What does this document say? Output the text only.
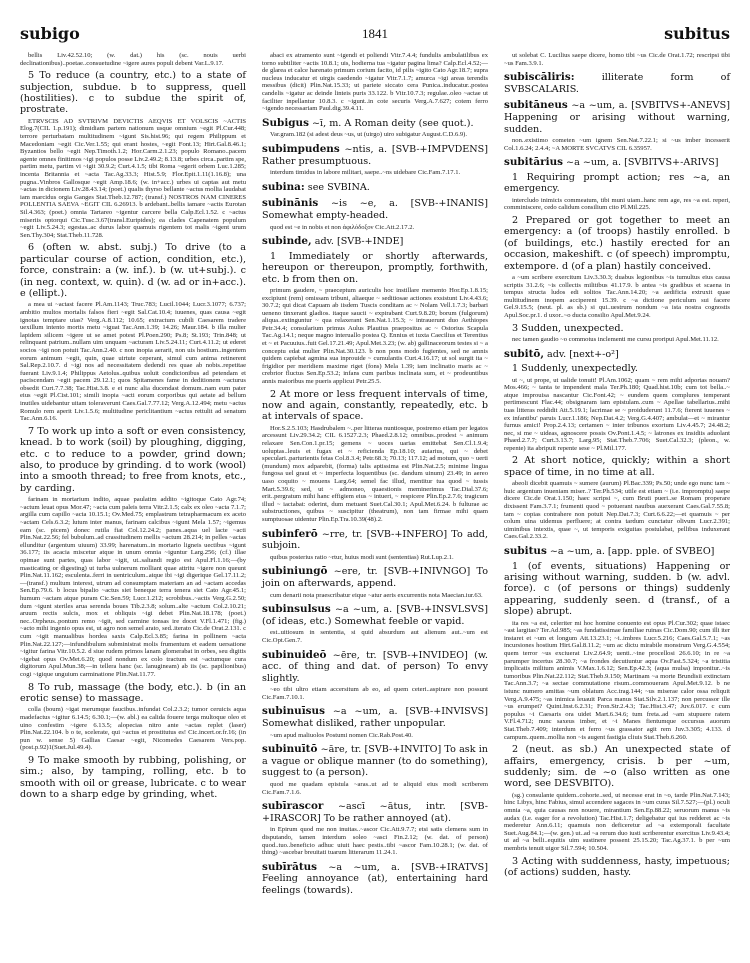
subigo	1841	subitus

bellis Liv.42.52.10; (w. dat.) his (sc. nouis uerbi declinationibus)..poetae..consuetudine ~igere aures populi debent Var.L.9.17.

5 To reduce (a country, etc.) to a state of subjection, subdue. b to suppress, quell (hostilities). c to subdue the spirit of, prostrate.

ETRVSCIS AD SVTRIVM DEVICTIS AEQVIS ET VOLSCIS ~ACTIS Elog.7(CIL 1.p.191); dimidiam partem nationum usque omnium ~egit Pl.Cur.448; terrore perturbatam multitudinem ~igunt Sis.hist.96; qui regem Philippum et Macedoniam ~egit Cic.Ver.1.55; qui erant hostes, ~egit Font.13; Hirt.Gal.8.46.1; Byzantios bello ~egit Nep.Timoth.1.2; Hor.Carm.2.1.23; populo Romano..pacem agente omnes finitimos ~igi populos posse Liv.2.49.2; 8.13.8; urbes circa..partim spe, partim metu, partim vi ~igit 30.9.2; Curt.4.1.5; tibi Roma ~egerit orbem Luc.1.285; incenta Britannia et ~acta Tac.Ag.33.3; Hist.5.9; Flor.Epit.1.11(1.16.8); una pugna..Vinbros Gallosque ~egit Amp.18.6; (w. in+acc.) urbes ui captas aut metu ~actas in dicionem Liv.28.43.14; (poet.) qualis thyrso bellante ~actus mollia laudabat iam marcidus orgia Ganges Stat.Theb.12.787; (transf.) NOSTROS NAM CINERES POLLENTIA SAEVA ~EGIT CIL 6.26913. b ardebant..bellis iamare ~actis Eurotan Sil.4.363; (poet.) omnia Tartareo ~igentur carcere bella Calp.Ecl.1.52. c ~actus miseriis optorqui Cic.Tusc.3.67(transl.Euripides); ea clades Capenatem populum ~egit Liv.5.24.3; egestas..ac durus labor quamuis rigentem tot malis ~igent urum Sen.Thy.304; Stat.Theb.11.728.

6 (often w. abst. subj.) To drive (to a particular course of action, condition, etc.), force, constrain: a (w. inf.). b (w. ut+subj.). c (in neg. context, w. quin). d (w. ad or in+acc.). e (ellipt.).

a mea ui ~actast facere Pl.Am.1143; Truc.783; Lucil.1044; Lucr.3.1077; 6.737; ambitio multos mortalis falsos fieri ~egit Sal.Cat.10.4; iuuenes, quas causa ~egit ignotas temptare uias? Verg.A.8.112; 10.65; extractum cubili Caesarem tradere uexillum intento mortis metu ~iguat Tac.Ann.1.39; 14.26; Maur.184. b illa mulier lapidem silicem ~igere ut se amet potest Pl.Poen.290; Ps.8; St.193; Trin.848; ut relinquant patrium..nullam uim unquam ~acturam Liv.5.24.11; Curt.4.11.2; ut ederet socios ~igi non potuit Tac.Ann.2.40. c non inopia aerarii, non uis hostium..ingentem eorum animum ~egit, quin, quae uirtute ceperant, simul cum anima retinerent Sal.Rep.2.10.7. d ~igi nos ad necessitatem dedendi res quae ab nobis..repetitae fuerant Liv.9.1.4; Philippus Aetolus..quibus uoluit condicionibus ad petendam et paciscendam ~egit pacem 29.12.1; quos Spitamenes fame in deditionem ~acturus obsedit Curt.7.7.38; Tac.Hist.3.8. e ei nunc alia ducendast domum..nam eum pater eius ~egit Pl.Cist.101; simili inopia ~acti eorum corporibus qui aetate ad bellum inutiles uidebantur uitam toleraverunt Caes.Gal.7.77.12; Verg.A.12.494; metu ~actus Romulo rem aperit Liv.1.5.6; multitudine periclitantium ~actus rettulit ad senatum Tac.Ann.6.16.

7 To work up into a soft or even consistency, knead. b to work (soil) by ploughing, digging, etc. c to reduce to a powder, grind down; also, to produce by grinding. d to work (wool) into a smooth thread; to free from knots, etc., by carding.

farinam in mortarium indito, aquae paulatim addito ~igitoque Cato Agr.74; ~actum leuat opus Mor.47; ~acta cum paleis terra Vitr.2.1.5; calx ex oleo ~acta 7.1.7; argilla cum capillo ~acta 10.15.1; Ov.Med.75; emplastrum tetrapharmacum ex aceto ~actam Cels.6.3.2; lutum inter manus, farinam calcibus ~igunt Mela 1.57; ~igemus eam (sc. picem) donec rutila fiat Col.12.24.2; panes..aqua uel lacte ~acti Plin.Nat.22.56; fel bubulum..ad crassitudinem mellis ~actum 28.214; in pelles ~actas ellunditur (argentum uiuum) 33.99; harenatum..in mortario ligneis uectibus ~igunt 36.177; iis acacia miscetur atque in unum omnia ~iguntur Larg.256; (cf.) illae opimae sunt partes, quas labor ~igit, ut..saltandi regio est Apul.Fl.1.16;—(by masticating or digesting) ut turba uulnerum molliant quae attritu ~igere non queunt Plin.Nat.11.162; esculenta..ferri in uentriculum..atque ibi ~igi digerique Gel.17.11.2;—(transf.) multum interest, utrum ad consumptam materiam an ad ~actam accedas Sen.Ep.79.6. b locus bipalio ~actus siet beneque terra tenera siet Cato Agr.45.1; humum ~actam atque puram Cic.Sen.59; Lucr.1.212; scrobibus..~actis Verg.G.2.50; dum ~igunt steriles arua serenda boues Tib.2.3.8; solum..alte ~actum Col.2.10.21; aruum rectis sulcis, mox et obliquis ~igi debet Plin.Nat.18.178; (poet.) nec..Orpheus..pontum remo ~igit, sed carmine tonsas ire docet V.Fl.1.471; (fig.) ~acto mihi ingenio opus est, ut agro non semel arato, sed..iterato Cic.de Orat.2.131. c cum ~igit manualibus hordea saxis Calp.Ecl.3.85; farina in pollinem ~acta Plin.Nat.22.127;—infundibulum subministrat molis frumentum et eadem uersatione ~igitur farina Vitr.10.5.2. d siue rudem primos lanam glomerabat in orbes, seu digitis ~igebat opus Ov.Met.6.20; quod nondum ex colo tractum est ~actumque cura digitorum Apul.Mun.38;—in tellera hanc (sc. lanugineam) ab iis (sc. papilionibus) cogi ~igique unguium carminatione Plin.Nat.11.77.

8 To rub, massage (the body, etc.). b (in an erotic sense) to massage.

colla (boum) ~igat merumque faucibus..infundat Col.2.3.2; tumor ceruicis aqua madefactus ~igitur 6.14.5; 6.30.1;—(w. abl.) ea calida fouere terga multoque oleo et uino confestim ~igere 6.13.5; alopecias nitro ante ~actas replet (laser) Plin.Nat.22.104. b o te, scelerate, qui ~actus et prostitutus es! Cic.incert.or.fr.16; (in pun w. sense 5) Gallias Caesar ~egit, Nicomedes Caesarem Vers.pop.(post.p.92)1(Suet.Jul.49.4).

9 To make smooth by rubbing, polishing, or sim.; also, by tamping, rolling, etc. b to smooth with oil or grease, lubricate. c to wear down to a sharp edge by grinding, whet.

abaci ex atramento sunt ~igendi et poliendi Vitr.7.4.4; fundulis ambulatilibus ex torno subtiliter ~actis 10.8.1; uis, hodierna tua ~igatur pagina lima? Calp.Ecl.4.52;—de glarea et calce harenato primum corium facito, id pilis ~igito Cato Agr.18.7; supra nucleus inducatur et uirgis caedendo ~igatur Vitr.7.1.7; amurca ~igi areas terendis messibus (dicit) Plin.Nat.15.33; ut pariete siccato cera Punica..inducatur..postea candelis ~igatur ac deinde linteis puris 33.122. b Vitr.10.7.3; regulae..oleo ~actae ut faciliter inpellantur 10.8.3. c ~igunt..in cote securis Verg.A.7.627; cotem ferro ~igendo necessariam Paul.dig.39.4.11.

Subigus ~ī, m. A Roman deity (see quot.).

Var.gram.182 (si adest deus ~us, ut (uirgo) uiro subigatur August.C.D.6.9).

subimpudens ~ntis, a. [SVB-+IMPVDENS] Rather presumptuous.

interdum timidus in labore militari, saepe..~ns uidebare Cic.Fam.7.17.1.

subina: see SVBINA.

subinānis ~is ~e, a. [SVB-+INANIS] Somewhat empty-headed.

quod est ~e in nobis et non ἀφιλόδοξον Cic.Att.2.17.2.

subinde, adv. [SVB-+INDE]

1 Immediately or shortly afterwards, hereupon or thereupon, promptly, forthwith, etc. b from then on.

primum gaudere, ~ praeceptum auriculis hoc instillare memento Hor.Ep.1.8.15; excipiunt (rem) omissam tribuni, aliaeque ~ seditiosae actiones exsistunt Liv.4.43.6; 30.7.2; qui dicat Capuam ab iisdem Tuscis conditam ac ~ Nolam Vell.1.7.3; barbari ueneno tinxerant gladios. itaque saucii ~ expirabant Curt.9.8.20; borum (fulgorum) aliqua..extinguntur ~ qua relaxerant Sen.Nat.1.15.3; ~ intrauerunt duo Aethiopes Petr.34.4; consularium primus Aulus Plautius praepositus ac ~ Ostorius Scapula Tac.Ag.14.1; neque magno interuallo postea Q. Ennius et iuxta Caecilius et Terentius et ~ et Pacuuius..fuit Gel.17.21.49; Apul.Met.3.23; (w. ab) gallinaceorum testes si ~ a conceptu edat mulier Plin.Nat.30.123. b non pons modo fugientes, sed ne amnis quidem capiebat agmina sua inprouide ~ cumulantis Curt.4.16.17; ut sol surgit ita ~ frigidior per meridiem maxime riget (fons) Mela 1.39; iam inclinatio maris ac ~ crebrior fluctus Sen.Ep.53.2; infans cum paribus inclinata sum, et ~ prodeuntibus annis maioribus me pueris applicui Petr.25.5.

2 At more or less frequent intervals of time, now and again, constantly, repeatedly, etc. b at intervals of space.

Hor.S.2.5.103; Hasdrubalem ~..per litteras nuntiosque, postremo etiam per legatos arcessunt Liv.29.34.2; CIL 6.1527.2.3; Phaed.2.8.12; omnibus..prodest ~ animum relaxare Sen.Con.1.pr.15; gemens ~ uoces uarias emittebat Sen.Cl.1.9.4; uoluptas..leuis et fugax et ~ reficienda Ep.18.10; auiarius, qui ~ debet speculari..parturientis fetas Col.8.3.4; Petr.68.3; 70.13; 117.12; ad motum, quo ~ uerti (mundum) mox adparebit, (forma) talis aptissima est Plin.Nat.2.5; minime lingua fungosa uel graui et ~ imperfecta loquentibus (sc. dandum uinum) 23.49; in aereo uaso coquito ~ mouens Larg.64; semel fac illud, mentitur tua quod ~ tussis Mart.5.39.6; sed, ut ~ admoneo, quaestionis meminerimus Tac.Dial.37.6; erit..pergratum mihi hanc effigiem eius ~ intueri, ~ respicere Plin.Ep.2.7.6; tragicum illud ~ iactabat: oderint, dum metuant Suet.Cal.30.1; Apul.Met.6.24. b fulturae ac substructiones, quibus ~ suscipitur (theatrum), non tam firmae mihi quam sumptuosae uidentur Plin.Ep.Tra.10.39(48).2.

subinferō ~rre, tr. [SVB-+INFERO] To add, subjoin.

quibus posterius ratio ~rtur, huius modi sunt (sententias) Rut.Lup.2.1.

subiniungō ~ere, tr. [SVB-+INIVNGO] To join on afterwards, append.

cum denarii nota praescribatur eique ~atur aeris excurrentis nota Maecian.iur.63.

subinsulsus ~a ~um, a. [SVB-+INSVLSVS] (of ideas, etc.) Somewhat feeble or vapid.

est..uitiosum in sententia, si quid absurdum aut alienum aut..~um est Cic.Opt.Gen.7.

subinuideō ~ēre, tr. [SVB-+INVIDEO] (w. acc. of thing and dat. of person) To envy slightly.

~eo tibi ultro etiam accersitum ab eo, ad quem ceteri..aspirare non possunt Cic.Fam.7.10.1.

subinuīsus ~a ~um, a. [SVB-+INVISVS] Somewhat disliked, rather unpopular.

~um apud maliuolos Postumi nomen Cic.Rab.Post.40.

subinuītō ~āre, tr. [SVB-+INVITO] To ask in a vague or oblique manner (to do something), suggest to (a person).

quod me quadam epistula ~aras..ut ad te aliquid eius modi scriberem Cic.Fam.7.1.6.

subīrascor ~ascī ~ātus, intr. [SVB-+IRASCOR] To be rather annoyed (at).

in Epirum quod me non inuitas..~ascor Cic.Att.9.7.7; etsi satis clemens sum in disputando, tamen interdum soleo ~asci Fin.2.12; (w. dat. of person) quod..tuo..beneficio adhuc uiuit haec pestis..tibi ~ascor Fam.10.28.1; (w. dat. of thing) ~ascebar breuitati tuarum litterarum 11.24.1.

subīrātus ~a ~um, a. [SVB-+IRATVS] Feeling annoyance (at), entertaining hard feelings (towards).

ut solebat C. Lucilius saepe dicere, homo tibi ~us Cic.de Orat.1.72; rescripsi tibi ~us Fam.3.9.1.

subiscāliris: illiterate form of SVBSCALARIS.

subitāneus ~a ~um, a. [SVBITVS+-ANEVS] Happening or arising without warning, sudden.

non..existimo cometen ~um ignem Sen.Nat.7.22.1; si ~us imber incesserit Col.1.6.24; 2.4.4; ~A MORTE SVCATVS CIL 6.35957.

subitārius ~a ~um, a. [SVBITVS+-ARIVS]

1 Requiring prompt action; res ~a, an emergency.

intercludo inimicis commeatum, tibi muni uiam..hanc rem age, res ~a est. reperi, comminiscere, cedo calidum consilium cito Pl.Mil.225.

2 Prepared or got together to meet an emergency: a (of troops) hastily enrolled. b (of buildings, etc.) hastily erected for an occasion, makeshift. c (of speech) impromptu, extempore. d (of a plan) hastily conceived.

a ~um scribere exercitum Liv.3.30.3; duabus legionibus ~is tumultus eius causa scriptis 31.2.6; ~is collectis militibus 41.17.9. b antea ~is gradibus et scaena in tempus structa ludos edi solitos Tac.Ann.14.20; ~a aedificia extruxit quae multitudinem inopem acciperent 15.39. c ~a dictione periculum sui facere Gel.9.15.5; (neut. pl. as sb.) si qui..uestrum nondum ~a ista nostra cognostis Apul.Soc.pr.1. d uxor..~o ducta consilio Apul.Met.9.24.

3 Sudden, unexpected.

nec tamen gaudio ~o commotus inclementi me cursu proripui Apul.Met.11.12.

subitō, adv. [next+-o²]

1 Suddenly, unexpectedly.

ut ~, ut prope, ut ualide tonuit! Pl.Am.1062; quam ~ rem mihi adportas nouam? Mos.466; ~ tanta te impendent mala Ter.Ph.180; Quad.hist.10b; cum tot bella..~ atque improuisa nascantur Cic.Font.42; ~ eundem quem complures temperant pertimescunt Flac.44; obsignaram iam epistulam..cum ~ Apellae tabellarius..mihi tuas litteras reddidit Att.5.19.1; lacrimae se ~ proiduderunt 11.7.6; fierent iuuenes ~ ex infantibu' paruis Lucr.1.186; Nep.Dat.4.2; Verg.G.4.407; ambulat—et ~ mirantur furnus amici! Prop.2.4.13; certamen ~ inter tribunos exortum Liv.4.45.7; 24.48.2; nec, si me ~ uideas, agnoscere possis Ov.Pont.1.4.5; ~ latrones ex insidiis aduolant Phaed.2.7.7; Curt.3.13.7; Larg.95; Stat.Theb.7.706; Suet.Cal.32.3; (pleon., w. repente) ita abripuit repente sese ~ Pl.Mil.177.

2 At short notice, quickly; within a short space of time, in no time at all.

abeoli dicebit quamuis ~ sumere (aurum) Pl.Bac.339; Ps.50; unde ego nunc tam ~ huic argentum inueniam miser..? Ter.Ph.534; utile est etiam ~ (i.e. impromptu) saepe dicere Cic.de Orat.1.150; haec scripsi ~, cum Bruti pueri..se Romam properare dixissent Fam.3.7.1; frumenti quod ~ potuerant nauibus auexerant Caes.Gal.7.55.8; tam ~ copias contrahere non potuit Nep.Dat.7.3; Curt.6.6.22;—et quamuis ~ per colum uina uidemus perfluere; at contra tardum cunctatur olivum Lucr.2.391; uiminibus intextis, quae ~, ut temporis exiguitas postulabat, pellibus induxerant Caes.Gal.2.33.2.

subitus ~a ~um, a. [app. pple. of SVBEO]

1 (of events, situations) Happening or arising without warning, sudden. b (w. advl. force). c (of persons or things) suddenly appearing, suddenly seen. d (transf., of a slope) abrupt.

ita res ~a est, celeriter mi hoc homine conuento est opus Pl.Cur.302; quae istaec ~ast largitas? Ter.Ad.985; ~as fundatissimae familiae ruinas Cic.Dom.90; cum illi iter instaret et ~um et longum Att.13.23.1; ~i..imbres Lucr.5.216; Caes.Gal.5.7.1; ~as incursiones hostium Hirt.Gal.8.11.2; ~um ac dictu mirabile monstrum Verg.G.4.554; quem terror ~us exciuerat Liv.2.64.9; uenti..~ine procellosi 26.6.10; in re ~a parumper incertus 28.30.7; ~a frondes decutiuntur aqua Ov.Fast.5.324; ~a tristitia implicatis militum animis V.Max.1.6.12; Sen.Ep.42.3; (aqua mulsa) imponitur..~is tumoribus Plin.Nat.22.112; Stat.Theb.9.150; Martinam ~a morte Brundisii extinctam Tac.Ann.3.7; ~a sectae commutatione risum..commoueram Apul.Met.9.12. b ne istunc numero amittas ~um oblatum Acc.trag.144; ~us miserae calor ossa reliquit Verg.A.9.475; ~as inimica leuauit Parca manus Stat.Silv.2.1.137; non percussor ille ~us erumpet? Quint.Inst.6.2.31; Fron.Str.2.4.3; Tac.Hist.3.47; Juv.6.017. c cum populus ~i Caesaris ora uidet Mart.6.34.6; tum freta..ad ~am stupuere ratem V.Fl.4.712; nunc saxeus imber, et ~i Manes fientumque occursus auorum Stat.Theb.7.409; interdum et ferro ~us grassator agit rem Juv.3.305; 4.133. d campum..quem..mollia non ~is augent fastigia cliuis Stat.Theb.6.260.

2 (neut. as sb.) An unexpected state of affairs, emergency, crisis. b per ~um, suddenly; sim. de ~o (also written as one word, see DESVBITO).

(sg.) consulante quidem..cohorte..sed, ut necesse erat in ~o, tarde Plin.Nat.7.143; hinc Libys, hinc Fabius, simul accendere sagaces in ~um curas Sil.7.527;—(pl.) oculi omnia ~a, quia causas non nouere, mirantium Sen.Ep.88.22; seruorum manus ~is audax (i.e. eager for a revolution) Tac.Hist.1.7; deligebatur qui ius redderet ac ~is mederetur Ann.6.11; quamuis non deficeretur ad ~a extemporali facultate Suet.Aug.84.1;—(w. gen.) ut..ad ~a rerum duo iusti scriberentur exercitus Liv.9.43.4; ut ad ~a belli..equitis uim sustinere possent 25.15.20; Tac.Ag.37.1. b per ~um membris tenuit uigor Sil.7.594; 10.504.

3 Acting with suddenness, hasty, impetuous; (of actions) sudden, hasty.
